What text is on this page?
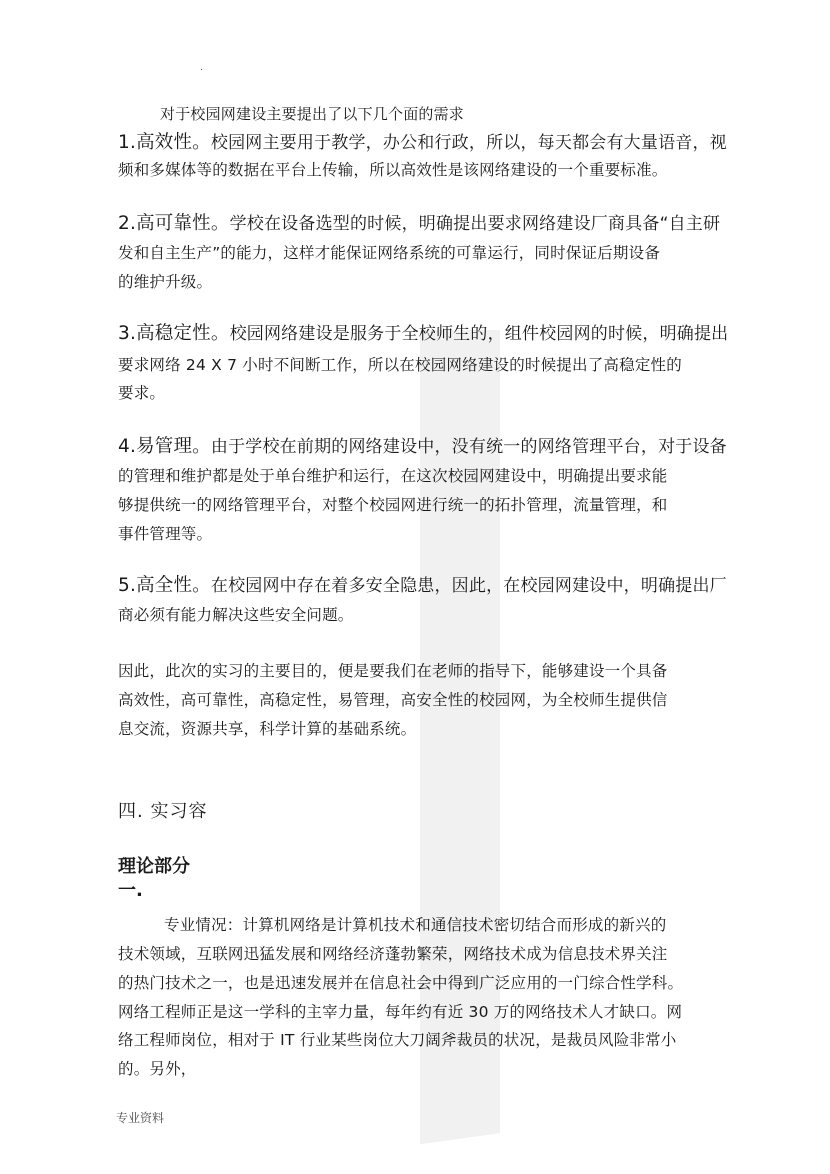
.
对于校园网建设主要提出了以下几个面的需求
1.高效性。校园网主要用于教学，办公和行政，所以，每天都会有大量语音，视
频和多媒体等的数据在平台上传输，所以高效性是该网络建设的一个重要标准。
2.高可靠性。学校在设备选型的时候，明确提出要求网络建设厂商具备“自主研
发和自主生产”的能力，这样才能保证网络系统的可靠运行，同时保证后期设备
的维护升级。
3.高稳定性。校园网络建设是服务于全校师生的，组件校园网的时候，明确提出
要求网络 24 X 7 小时不间断工作，所以在校园网络建设的时候提出了高稳定性的
要求。
4.易管理。由于学校在前期的网络建设中，没有统一的网络管理平台，对于设备
的管理和维护都是处于单台维护和运行，在这次校园网建设中，明确提出要求能
够提供统一的网络管理平台，对整个校园网进行统一的拓扑管理，流量管理，和
事件管理等。
5.高全性。在校园网中存在着多安全隐患，因此，在校园网建设中，明确提出厂
商必须有能力解决这些安全问题。
因此，此次的实习的主要目的，便是要我们在老师的指导下，能够建设一个具备
高效性，高可靠性，高稳定性，易管理，高安全性的校园网，为全校师生提供信
息交流，资源共享，科学计算的基础系统。
四. 实习容
理论部分
一.
专业情况：计算机网络是计算机技术和通信技术密切结合而形成的新兴的
技术领域，互联网迅猛发展和网络经济蓬勃繁荣，网络技术成为信息技术界关注
的热门技术之一，也是迅速发展并在信息社会中得到广泛应用的一门综合性学科。
网络工程师正是这一学科的主宰力量，每年约有近 30 万的网络技术人才缺口。网
络工程师岗位，相对于 IT 行业某些岗位大刀阔斧裁员的状况，是裁员风险非常小
的。另外，
专业资料
